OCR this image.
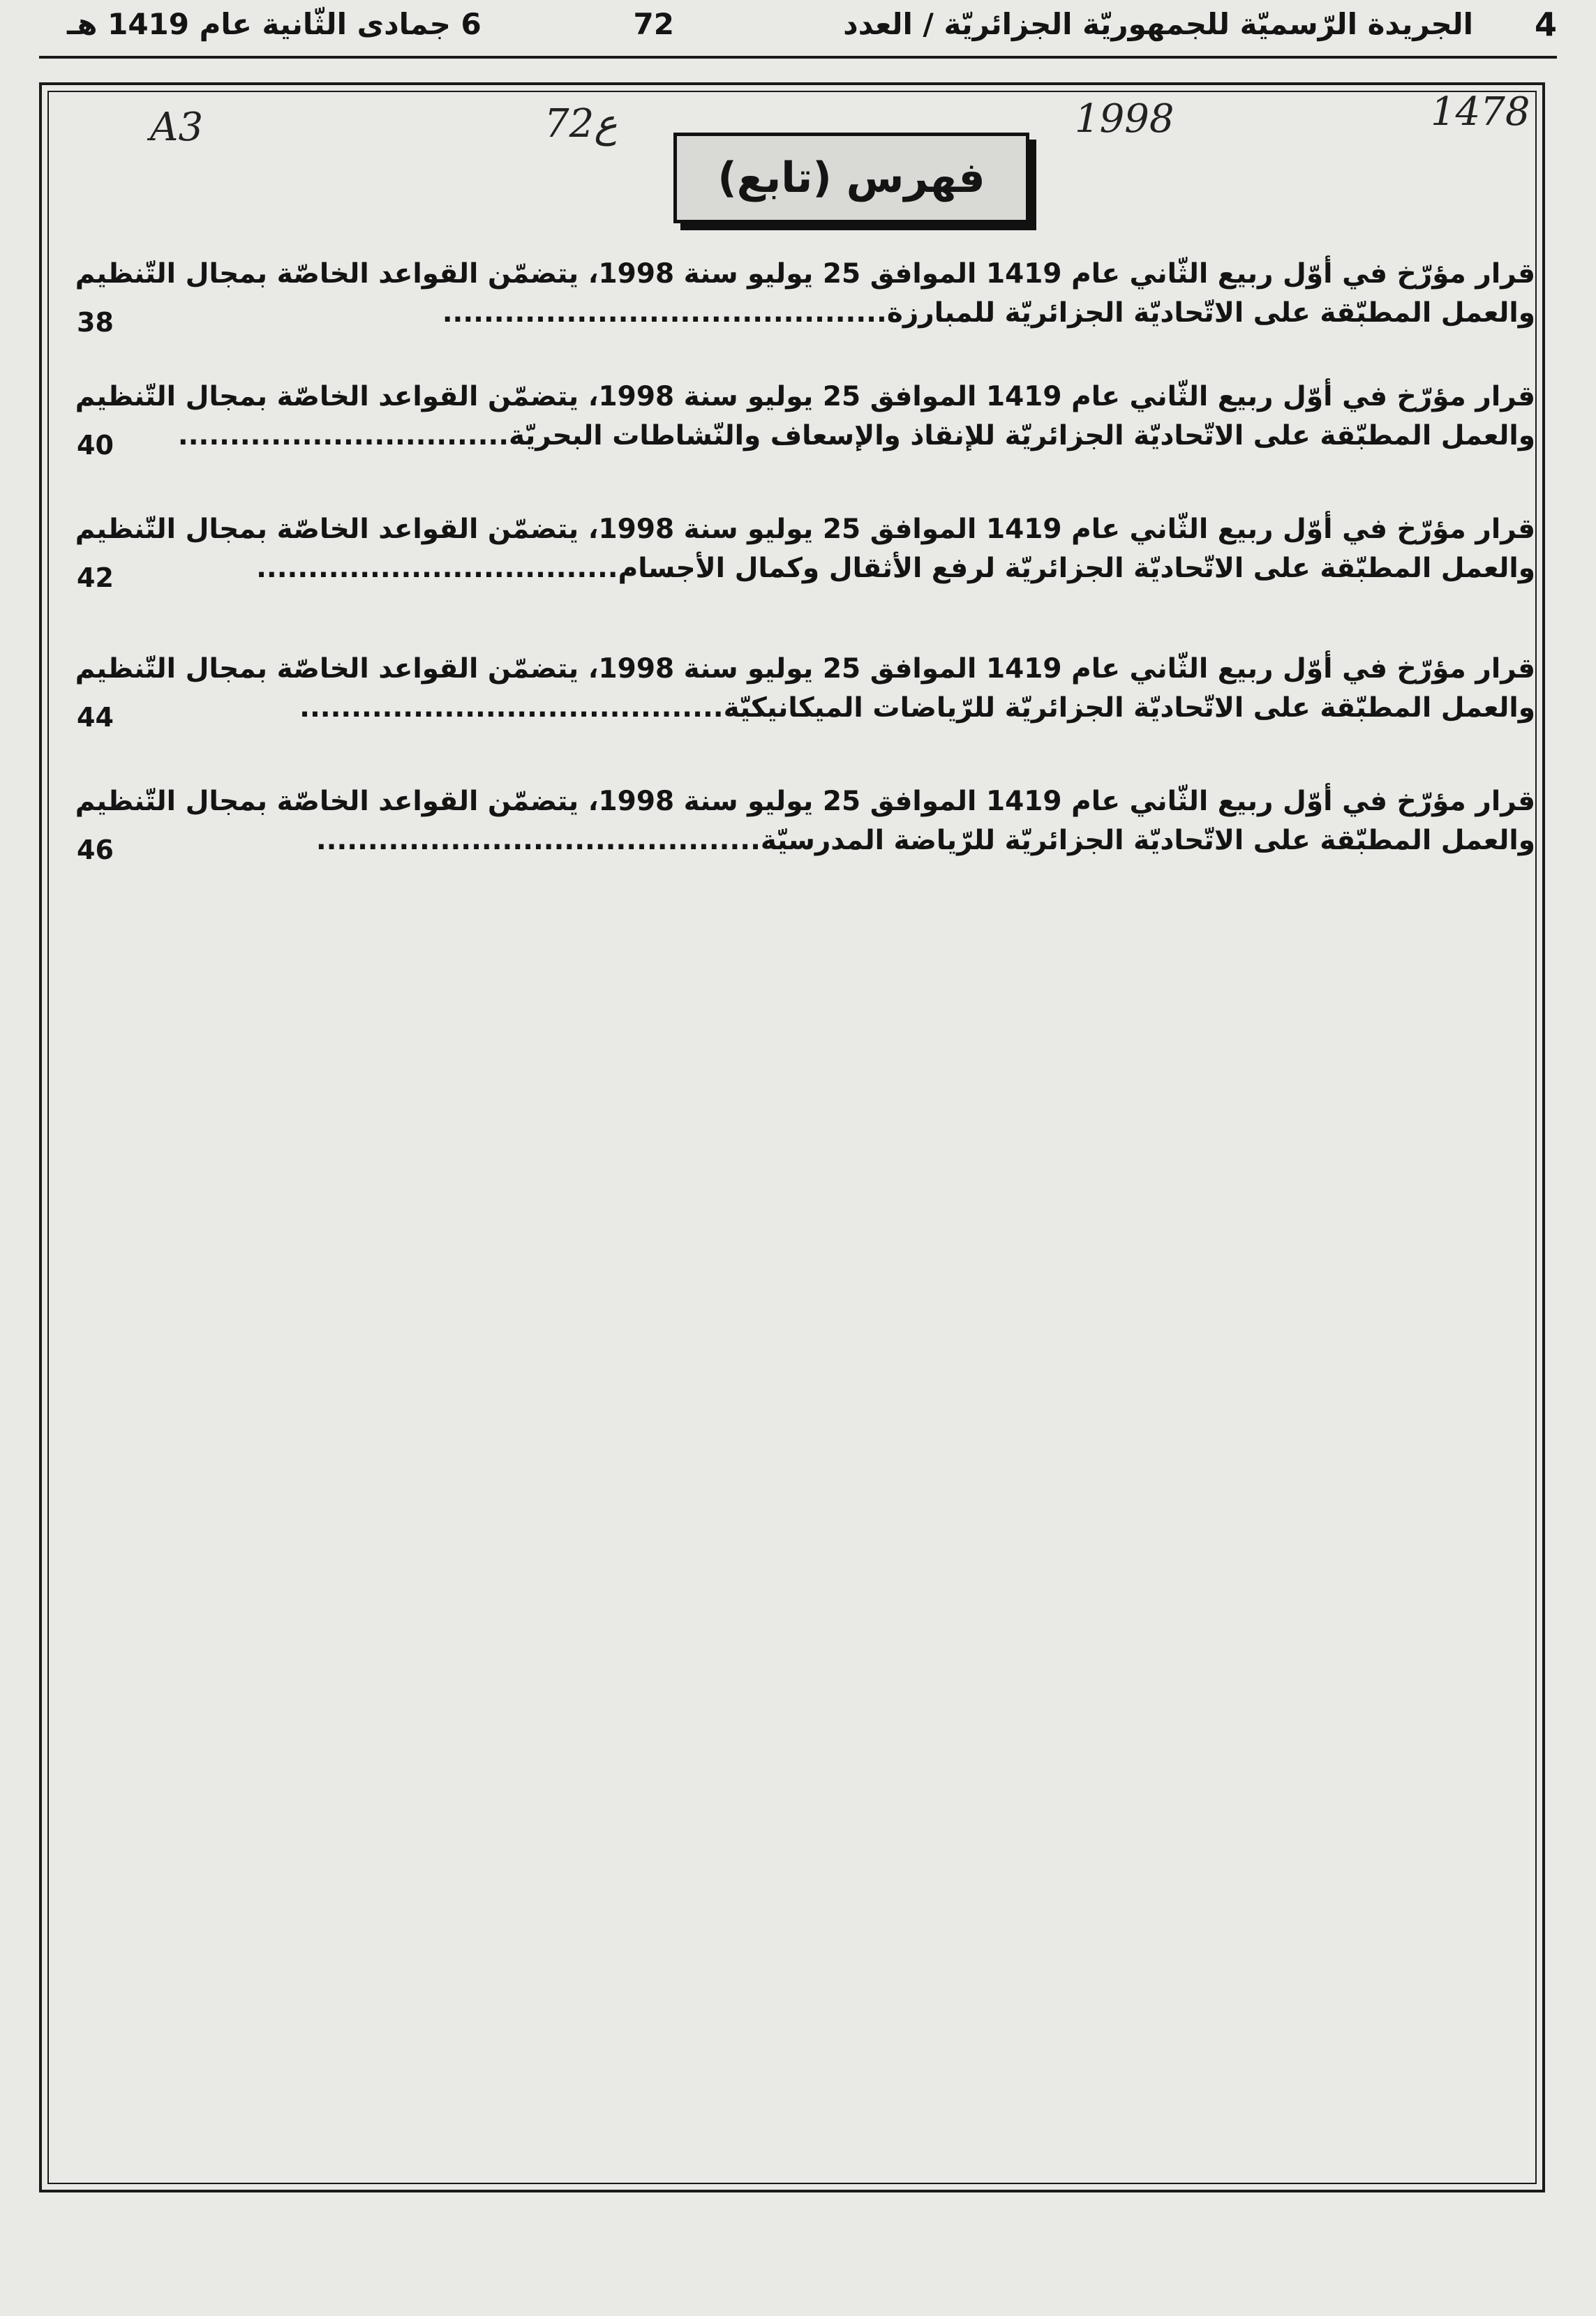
4
الجريدة الرّسميّة للجمهوريّة الجزائريّة / العدد
72
6 جمادى الثّانية عام 1419 هـ
A3	72ع	1998	1478
فهرس (تابع)
قرار مؤرّخ في أوّل ربيع الثّاني عام 1419 الموافق 25 يوليو سنة 1998، يتضمّن القواعد الخاصّة بمجال التّنظيم
والعمل المطبّقة على الاتّحاديّة الجزائريّة للمبارزة...........................................
38
قرار مؤرّخ في أوّل ربيع الثّاني عام 1419 الموافق 25 يوليو سنة 1998، يتضمّن القواعد الخاصّة بمجال التّنظيم
والعمل المطبّقة على الاتّحاديّة الجزائريّة للإنقاذ والإسعاف والنّشاطات البحريّة................................
40
قرار مؤرّخ في أوّل ربيع الثّاني عام 1419 الموافق 25 يوليو سنة 1998، يتضمّن القواعد الخاصّة بمجال التّنظيم
والعمل المطبّقة على الاتّحاديّة الجزائريّة لرفع الأثقال وكمال الأجسام...................................
42
قرار مؤرّخ في أوّل ربيع الثّاني عام 1419 الموافق 25 يوليو سنة 1998، يتضمّن القواعد الخاصّة بمجال التّنظيم
والعمل المطبّقة على الاتّحاديّة الجزائريّة للرّياضات الميكانيكيّة.........................................
44
قرار مؤرّخ في أوّل ربيع الثّاني عام 1419 الموافق 25 يوليو سنة 1998، يتضمّن القواعد الخاصّة بمجال التّنظيم
والعمل المطبّقة على الاتّحاديّة الجزائريّة للرّياضة المدرسيّة...........................................
46
